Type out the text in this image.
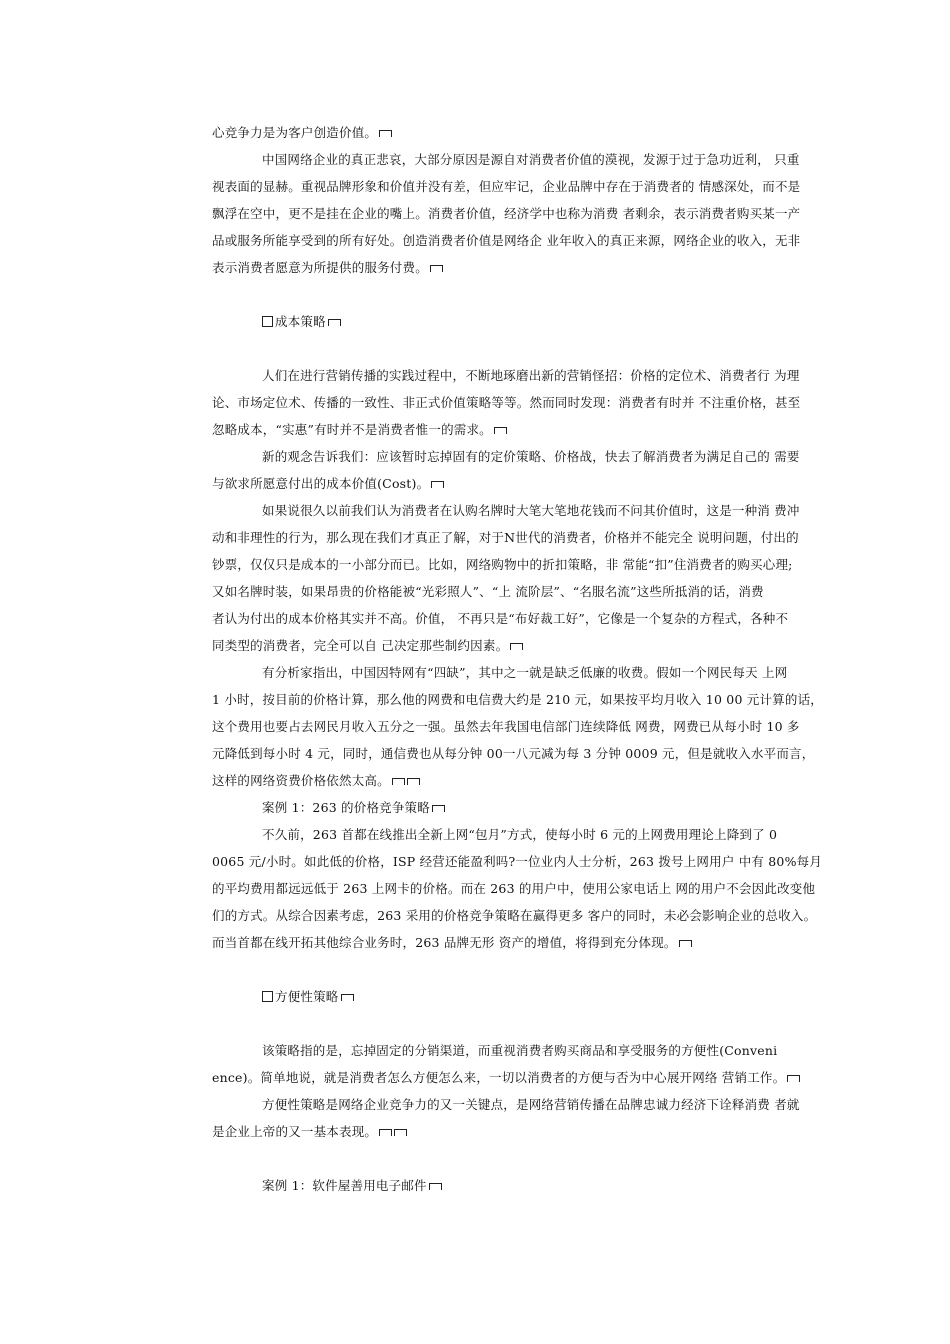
心竞争力是为客户创造价值。
中国网络企业的真正悲哀，大部分原因是源自对消费者价值的漠视，发源于过于急功近利， 只重
视表面的显赫。重视品牌形象和价值并没有差，但应牢记，企业品牌中存在于消费者的 情感深处，而不是
飘浮在空中，更不是挂在企业的嘴上。消费者价值，经济学中也称为消费 者剩余，表示消费者购买某一产
品或服务所能享受到的所有好处。创造消费者价值是网络企 业年收入的真正来源，网络企业的收入，无非
表示消费者愿意为所提供的服务付费。
成本策略
人们在进行营销传播的实践过程中，不断地琢磨出新的营销怪招：价格的定位术、消费者行 为理
论、市场定位术、传播的一致性、非正式价值策略等等。然而同时发现：消费者有时并 不注重价格，甚至
忽略成本，“实惠”有时并不是消费者惟一的需求。
新的观念告诉我们：应该暂时忘掉固有的定价策略、价格战，快去了解消费者为满足自己的 需要
与欲求所愿意付出的成本价值(Cost)。
如果说很久以前我们认为消费者在认购名牌时大笔大笔地花钱而不问其价值时，这是一种消 费冲
动和非理性的行为，那么现在我们才真正了解，对于N世代的消费者，价格并不能完全 说明问题，付出的
钞票，仅仅只是成本的一小部分而已。比如，网络购物中的折扣策略，非 常能“扣”住消费者的购买心理;
又如名牌时装，如果昂贵的价格能被“光彩照人”、“上 流阶层”、“名服名流”这些所抵消的话，消费
者认为付出的成本价格其实并不高。价值， 不再只是“布好裁工好”，它像是一个复杂的方程式，各种不
同类型的消费者，完全可以自 己决定那些制约因素。
有分析家指出，中国因特网有“四缺”，其中之一就是缺乏低廉的收费。假如一个网民每天 上网
1 小时，按目前的价格计算，那么他的网费和电信费大约是 210 元，如果按平均月收入 10 00 元计算的话，
这个费用也要占去网民月收入五分之一强。虽然去年我国电信部门连续降低 网费，网费已从每小时 10 多
元降低到每小时 4 元，同时，通信费也从每分钟 00一八元减为每 3 分钟 0009 元，但是就收入水平而言，
这样的网络资费价格依然太高。
案例 1：263 的价格竞争策略
不久前，263 首都在线推出全新上网“包月”方式，使每小时 6 元的上网费用理论上降到了 0
0065 元/小时。如此低的价格，ISP 经营还能盈利吗?一位业内人士分析，263 拨号上网用户 中有 80%每月
的平均费用都远远低于 263 上网卡的价格。而在 263 的用户中，使用公家电话上 网的用户不会因此改变他
们的方式。从综合因素考虑，263 采用的价格竞争策略在赢得更多 客户的同时，未必会影响企业的总收入。
而当首都在线开拓其他综合业务时，263 品牌无形 资产的增值，将得到充分体现。
方便性策略
该策略指的是，忘掉固定的分销渠道，而重视消费者购买商品和享受服务的方便性(Conveni
ence)。简单地说，就是消费者怎么方便怎么来，一切以消费者的方便与否为中心展开网络 营销工作。
方便性策略是网络企业竞争力的又一关键点，是网络营销传播在品牌忠诚力经济下诠释消费 者就
是企业上帝的又一基本表现。
案例 1：软件屋善用电子邮件
